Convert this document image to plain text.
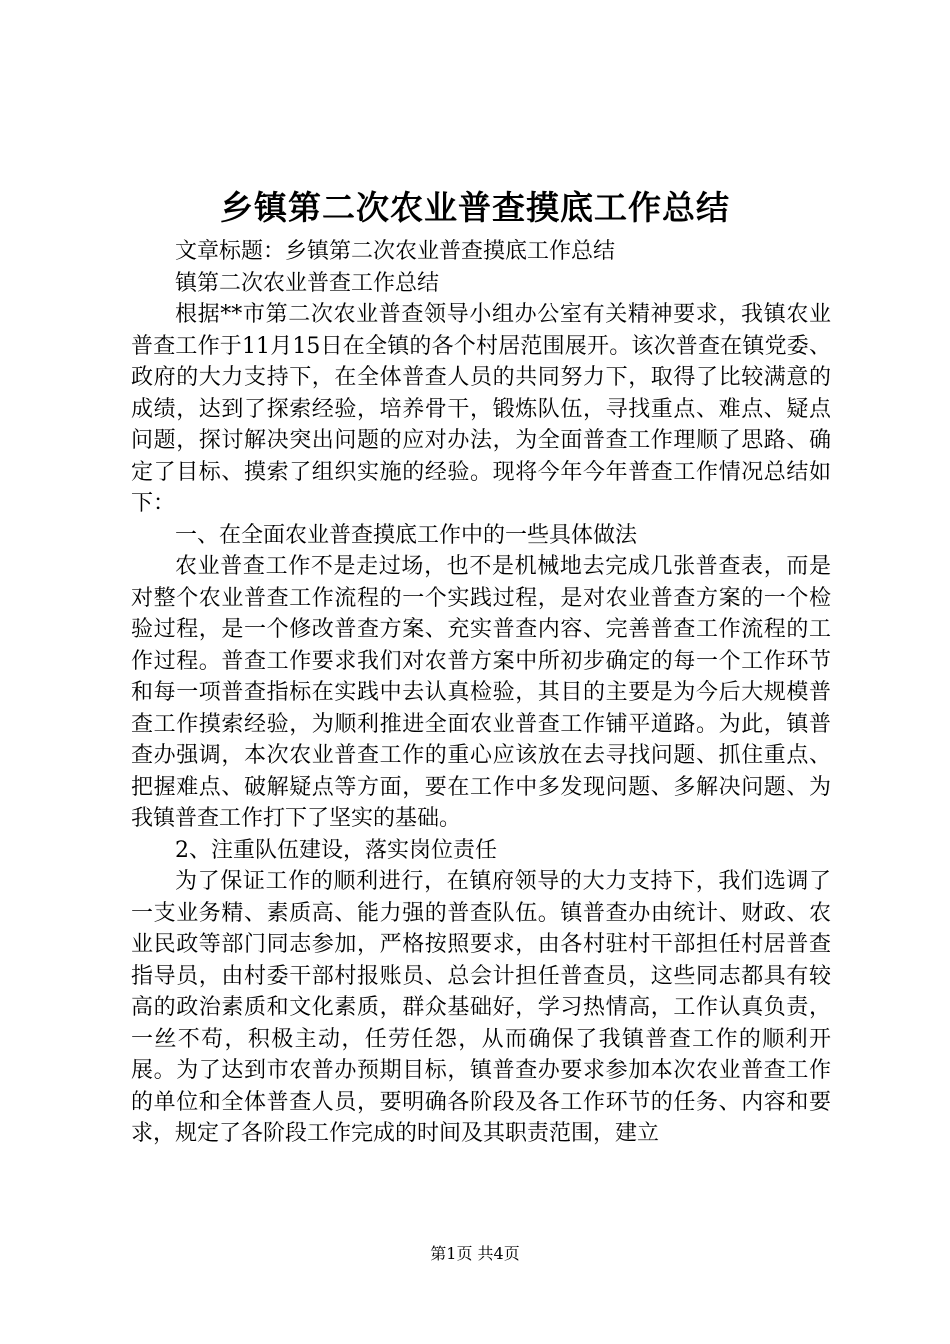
乡镇第二次农业普查摸底工作总结

文章标题：乡镇第二次农业普查摸底工作总结

镇第二次农业普查工作总结

根据**市第二次农业普查领导小组办公室有关精神要求，我镇农业普查工作于11月15日在全镇的各个村居范围展开。该次普查在镇党委、政府的大力支持下，在全体普查人员的共同努力下，取得了比较满意的成绩，达到了探索经验，培养骨干，锻炼队伍，寻找重点、难点、疑点问题，探讨解决突出问题的应对办法，为全面普查工作理顺了思路、确定了目标、摸索了组织实施的经验。现将今年今年普查工作情况总结如下：

一、在全面农业普查摸底工作中的一些具体做法

农业普查工作不是走过场，也不是机械地去完成几张普查表，而是对整个农业普查工作流程的一个实践过程，是对农业普查方案的一个检验过程，是一个修改普查方案、充实普查内容、完善普查工作流程的工作过程。普查工作要求我们对农普方案中所初步确定的每一个工作环节和每一项普查指标在实践中去认真检验，其目的主要是为今后大规模普查工作摸索经验，为顺利推进全面农业普查工作铺平道路。为此，镇普查办强调，本次农业普查工作的重心应该放在去寻找问题、抓住重点、把握难点、破解疑点等方面，要在工作中多发现问题、多解决问题、为我镇普查工作打下了坚实的基础。

2、注重队伍建设，落实岗位责任

为了保证工作的顺利进行，在镇府领导的大力支持下，我们选调了一支业务精、素质高、能力强的普查队伍。镇普查办由统计、财政、农业民政等部门同志参加，严格按照要求，由各村驻村干部担任村居普查指导员，由村委干部村报账员、总会计担任普查员，这些同志都具有较高的政治素质和文化素质，群众基础好，学习热情高，工作认真负责，一丝不苟，积极主动，任劳任怨，从而确保了我镇普查工作的顺利开展。为了达到市农普办预期目标，镇普查办要求参加本次农业普查工作的单位和全体普查人员，要明确各阶段及各工作环节的任务、内容和要求，规定了各阶段工作完成的时间及其职责范围，建立

第1页 共4页
